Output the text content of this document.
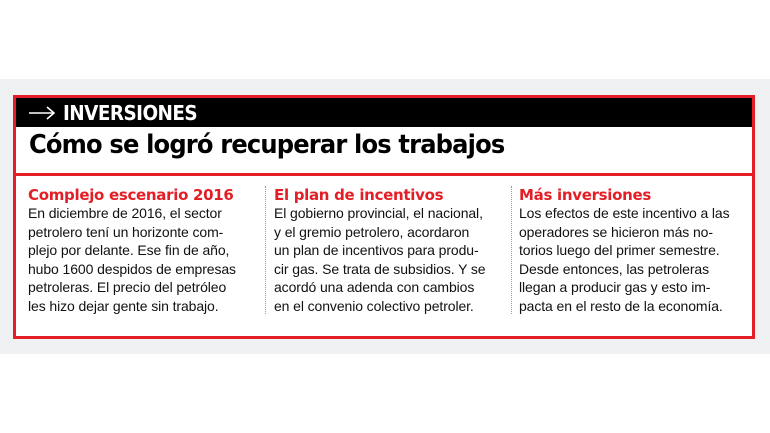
INVERSIONES
Cómo se logró recuperar los trabajos
Complejo escenario 2016
En diciembre de 2016, el sector
petrolero tení un horizonte com-
plejo por delante. Ese fin de año,
hubo 1600 despidos de empresas
petroleras. El precio del petróleo
les hizo dejar gente sin trabajo.
El plan de incentivos
El gobierno provincial, el nacional,
y el gremio petrolero, acordaron
un plan de incentivos para produ-
cir gas. Se trata de subsidios. Y se
acordó una adenda con cambios
en el convenio colectivo petroler.
Más inversiones
Los efectos de este incentivo a las
operadores se hicieron más no-
torios luego del primer semestre.
Desde entonces, las petroleras
llegan a producir gas y esto im-
pacta en el resto de la economía.
